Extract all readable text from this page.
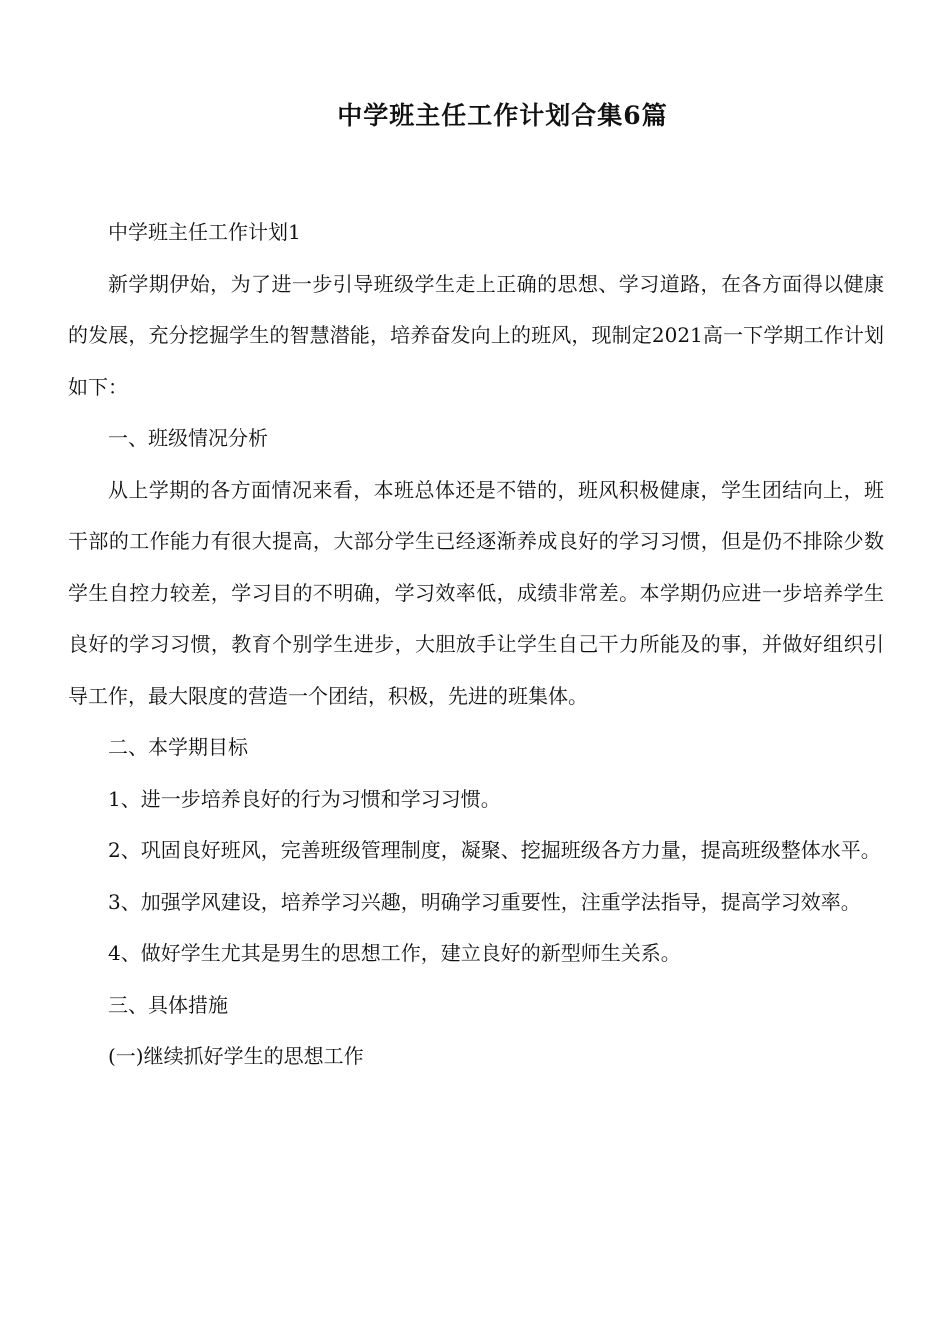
中学班主任工作计划合集6篇

中学班主任工作计划1

新学期伊始，为了进一步引导班级学生走上正确的思想、学习道路，在各方面得以健康的发展，充分挖掘学生的智慧潜能，培养奋发向上的班风，现制定2021高一下学期工作计划如下：

一、班级情况分析

从上学期的各方面情况来看，本班总体还是不错的，班风积极健康，学生团结向上，班干部的工作能力有很大提高，大部分学生已经逐渐养成良好的学习习惯，但是仍不排除少数学生自控力较差，学习目的不明确，学习效率低，成绩非常差。本学期仍应进一步培养学生良好的学习习惯，教育个别学生进步，大胆放手让学生自己干力所能及的事，并做好组织引导工作，最大限度的营造一个团结，积极，先进的班集体。

二、本学期目标

1、进一步培养良好的行为习惯和学习习惯。

2、巩固良好班风，完善班级管理制度，凝聚、挖掘班级各方力量，提高班级整体水平。

3、加强学风建设，培养学习兴趣，明确学习重要性，注重学法指导，提高学习效率。

4、做好学生尤其是男生的思想工作，建立良好的新型师生关系。

三、具体措施

(一)继续抓好学生的思想工作
